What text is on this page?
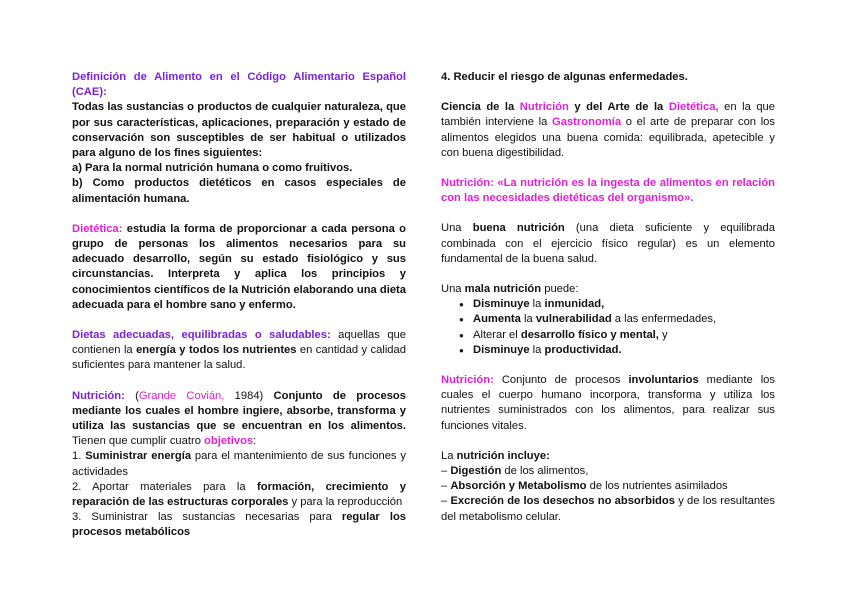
Definición de Alimento en el Código Alimentario Español (CAE):

Todas las sustancias o productos de cualquier naturaleza, que por sus características, aplicaciones, preparación y estado de conservación son susceptibles de ser habitual o utilizados para alguno de los fines siguientes:

a) Para la normal nutrición humana o como fruitivos.

b) Como productos dietéticos en casos especiales de alimentación humana.

Dietética: estudia la forma de proporcionar a cada persona o grupo de personas los alimentos necesarios para su adecuado desarrollo, según su estado fisiológico y sus circunstancias. Interpreta y aplica los principios y conocimientos científicos de la Nutrición elaborando una dieta adecuada para el hombre sano y enfermo.

Dietas adecuadas, equilibradas o saludables: aquellas que contienen la energía y todos los nutrientes en cantidad y calidad suficientes para mantener la salud.

Nutrición: (Grande Covián, 1984) Conjunto de procesos mediante los cuales el hombre ingiere, absorbe, transforma y utiliza las sustancias que se encuentran en los alimentos. Tienen que cumplir cuatro objetivos:

1. Suministrar energía para el mantenimiento de sus funciones y actividades

2. Aportar materiales para la formación, crecimiento y reparación de las estructuras corporales y para la reproducción

3. Suministrar las sustancias necesarias para regular los procesos metabólicos

4. Reducir el riesgo de algunas enfermedades.

Ciencia de la Nutrición y del Arte de la Dietética, en la que también interviene la Gastronomía o el arte de preparar con los alimentos elegidos una buena comida: equilibrada, apetecible y con buena digestibilidad.

Nutrición: «La nutrición es la ingesta de alimentos en relación con las necesidades dietéticas del organismo».

Una buena nutrición (una dieta suficiente y equilibrada combinada con el ejercicio físico regular) es un elemento fundamental de la buena salud.

Una mala nutrición puede:

● Disminuye la inmunidad,
● Aumenta la vulnerabilidad a las enfermedades,
● Alterar el desarrollo físico y mental, y
● Disminuye la productividad.

Nutrición: Conjunto de procesos involuntarios mediante los cuales el cuerpo humano incorpora, transforma y utiliza los nutrientes suministrados con los alimentos, para realizar sus funciones vitales.

La nutrición incluye:

– Digestión de los alimentos,

– Absorción y Metabolismo de los nutrientes asimilados

– Excreción de los desechos no absorbidos y de los resultantes del metabolismo celular.
